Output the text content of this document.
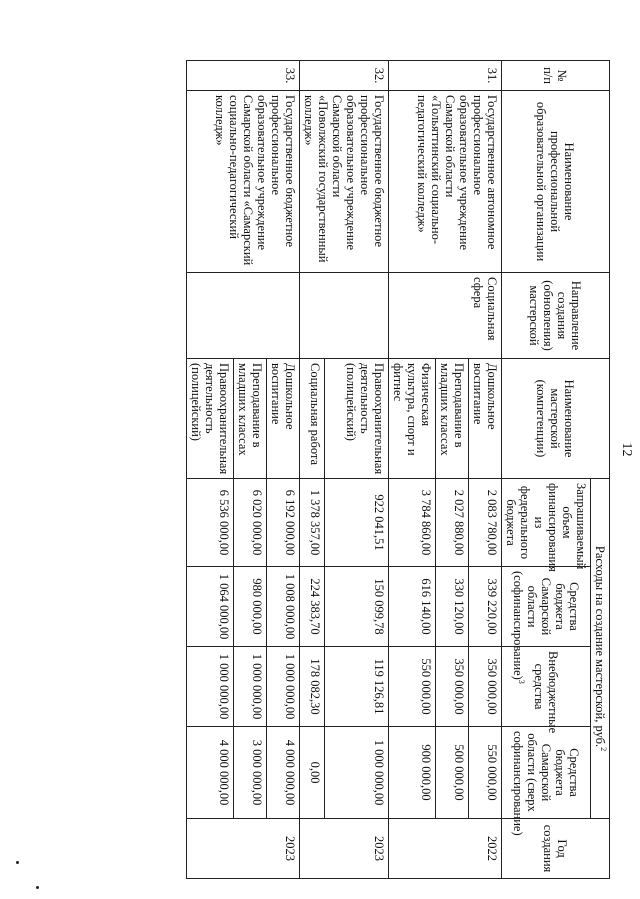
12
№ п/п	Наименование профессиональной образовательной организации	Направление создания (обновления) мастерской	Наименование мастерской (компетенции)	Расходы на создание мастерской, руб.$^2$				Год создания
				Запрашиваемый объем финансирования из федерального бюджета	Средства бюджета Самарской области (софинансирование)$^3$	Внебюджетные средства	Средства бюджета Самарской области (сверх софинансирование)	
31.	Государственное автономное профессиональное образовательное учреждение Самарской области «Тольяттинский социально-педагогический колледж»	Социальная сфера	Дошкольное воспитание	2 083 780,00	339 220,00	350 000,00	550 000,00	2022
			Преподавание в младших классах	2 027 880,00	330 120,00	350 000,00	500 000,00	
			Физическая культура, спорт и фитнес	3 784 860,00	616 140,00	550 000,00	900 000,00	
32.	Государственное бюджетное профессиональное образовательное учреждение Самарской области «Поволжский государственный колледж»		Правоохранительная деятельность (полицейский)	922 041,51	150 099,78	119 126,81	1 000 000,00	2023
			Социальная работа	1 378 357,00	224 383,70	178 082,30	0,00	
33.	Государственное бюджетное профессиональное образовательное учреждение Самарской области «Самарский социально-педагогический колледж»		Дошкольное воспитание	6 192 000,00	1 008 000,00	1 000 000,00	4 000 000,00	2023
			Преподавание в младших классах	6 020 000,00	980 000,00	1 000 000,00	3 000 000,00	
			Правоохранительная деятельность (полицейский)	6 536 000,00	1 064 000,00	1 000 000,00	4 000 000,00	
